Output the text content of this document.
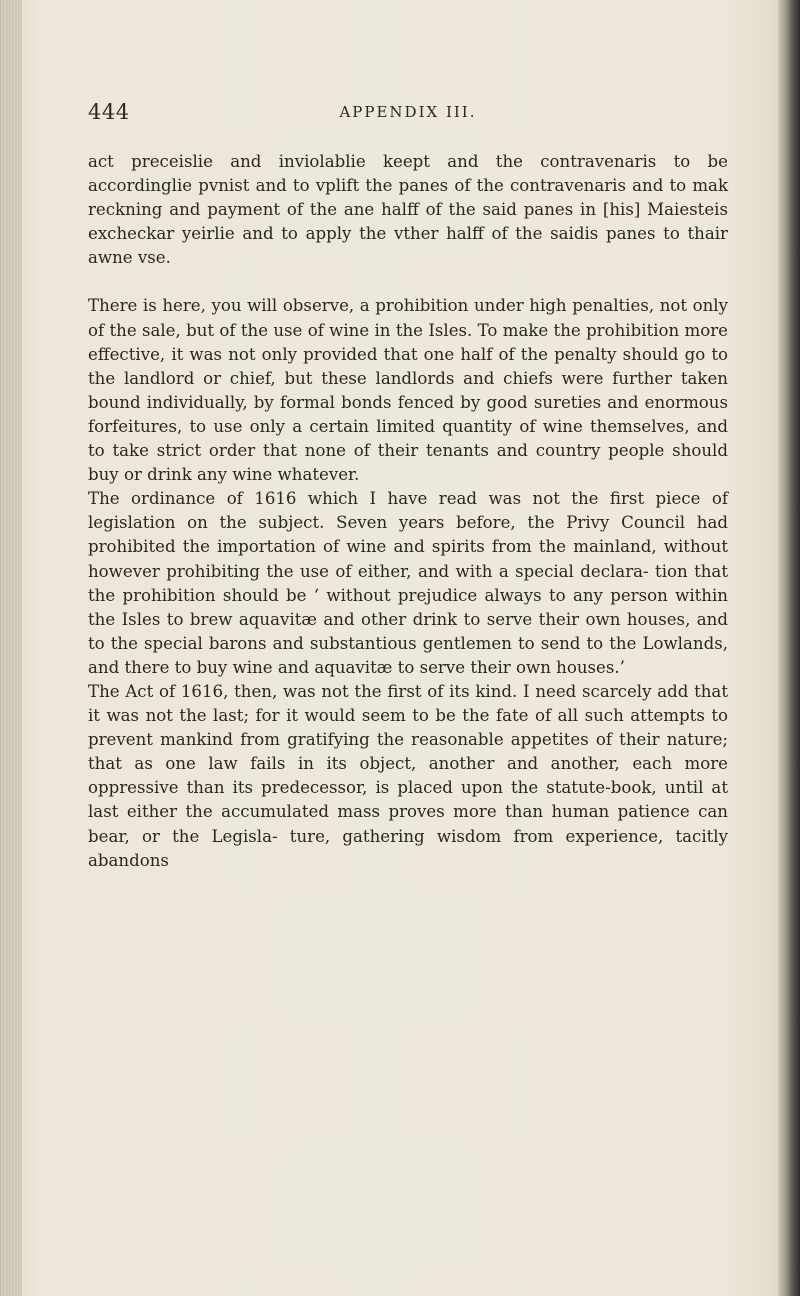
444	APPENDIX III.

act preceislie and inviolablie keept and the contravenaris to be accordinglie pvnist and to vplift the panes of the contravenaris and to mak reckning and payment of the ane halff of the said panes in [his] Maiesteis excheckar yeirlie and to apply the vther halff of the saidis panes to thair awne vse.

There is here, you will observe, a prohibition under high penalties, not only of the sale, but of the use of wine in the Isles. To make the prohibition more effective, it was not only provided that one half of the penalty should go to the landlord or chief, but these landlords and chiefs were further taken bound individually, by formal bonds fenced by good sureties and enormous forfeitures, to use only a certain limited quantity of wine themselves, and to take strict order that none of their tenants and country people should buy or drink any wine whatever.

The ordinance of 1616 which I have read was not the first piece of legislation on the subject. Seven years before, the Privy Council had prohibited the importation of wine and spirits from the mainland, without however prohibiting the use of either, and with a special declara- tion that the prohibition should be ‘ without prejudice always to any person within the Isles to brew aquavitæ and other drink to serve their own houses, and to the special barons and substantious gentlemen to send to the Lowlands, and there to buy wine and aquavitæ to serve their own houses.’

The Act of 1616, then, was not the first of its kind. I need scarcely add that it was not the last; for it would seem to be the fate of all such attempts to prevent mankind from gratifying the reasonable appetites of their nature; that as one law fails in its object, another and another, each more oppressive than its predecessor, is placed upon the statute-book, until at last either the accumulated mass proves more than human patience can bear, or the Legisla- ture, gathering wisdom from experience, tacitly abandons
